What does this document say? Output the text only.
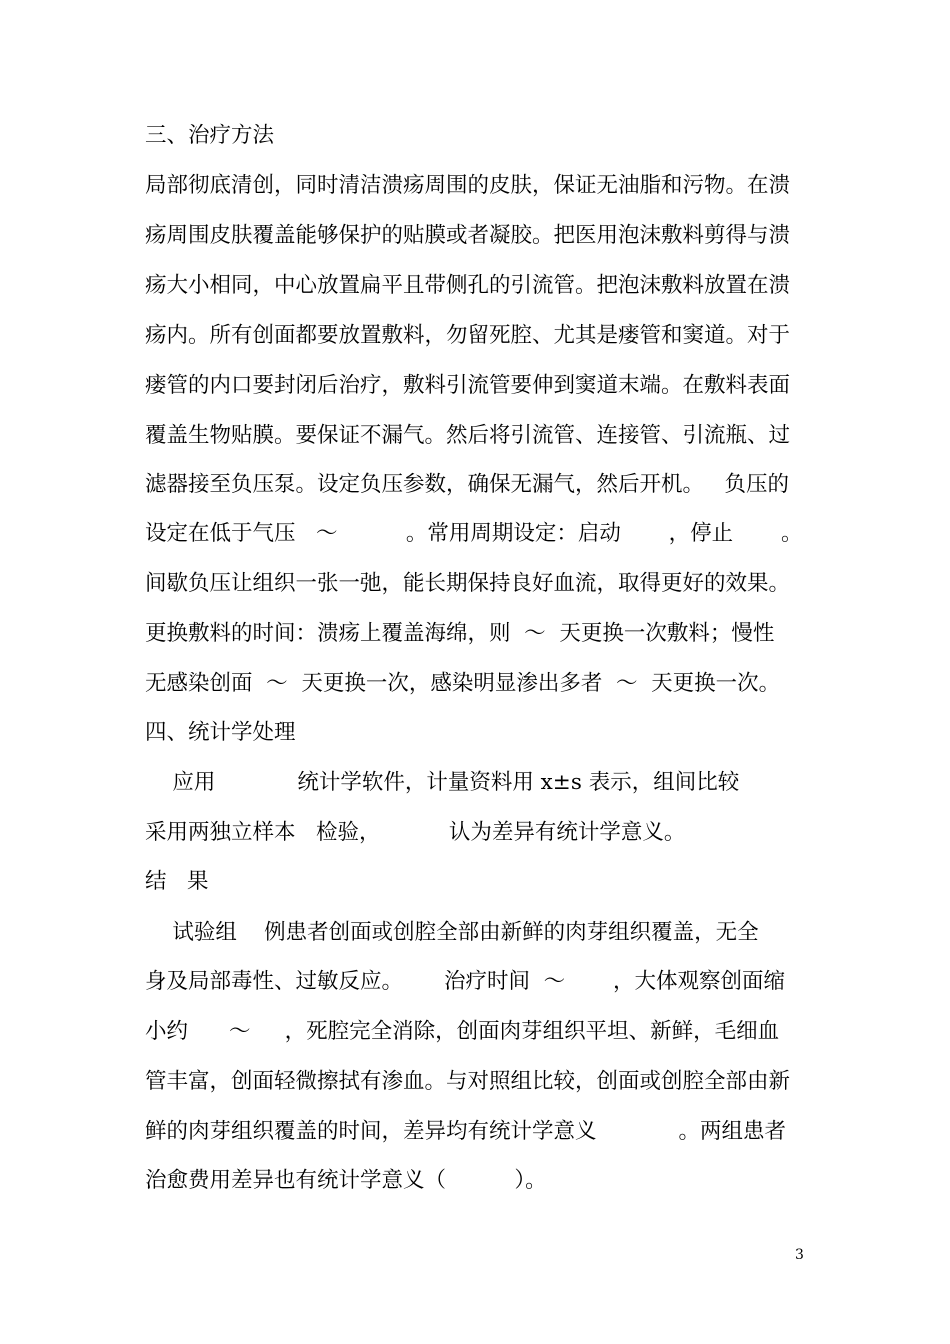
三、治疗方法
局部彻底清创，同时清洁溃疡周围的皮肤，保证无油脂和污物。在溃
疡周围皮肤覆盖能够保护的贴膜或者凝胶。把医用泡沫敷料剪得与溃
疡大小相同，中心放置扁平且带侧孔的引流管。把泡沫敷料放置在溃
疡内。所有创面都要放置敷料，勿留死腔、尤其是瘘管和窦道。对于
瘘管的内口要封闭后治疗，敷料引流管要伸到窦道末端。在敷料表面
覆盖生物贴膜。要保证不漏气。然后将引流管、连接管、引流瓶、过
滤器接至负压泵。设定负压参数，确保无漏气，然后开机。   负压的
设定在低于气压   ～          。常用周期设定：启动       ，停止       。
间歇负压让组织一张一弛，能长期保持良好血流，取得更好的效果。
更换敷料的时间：溃疡上覆盖海绵，则  ～  天更换一次敷料；慢性
无感染创面  ～  天更换一次，感染明显渗出多者  ～  天更换一次。
四、统计学处理
应用            统计学软件，计量资料用 x±s 表示，组间比较
采用两独立样本   检验，          认为差异有统计学意义。
结   果
试验组    例患者创面或创腔全部由新鲜的肉芽组织覆盖，无全
身及局部毒性、过敏反应。      治疗时间  ～       ，大体观察创面缩
小约      ～     ，死腔完全消除，创面肉芽组织平坦、新鲜，毛细血
管丰富，创面轻微擦拭有渗血。与对照组比较，创面或创腔全部由新
鲜的肉芽组织覆盖的时间，差异均有统计学意义            。两组患者
治愈费用差异也有统计学意义（          ）。
3
